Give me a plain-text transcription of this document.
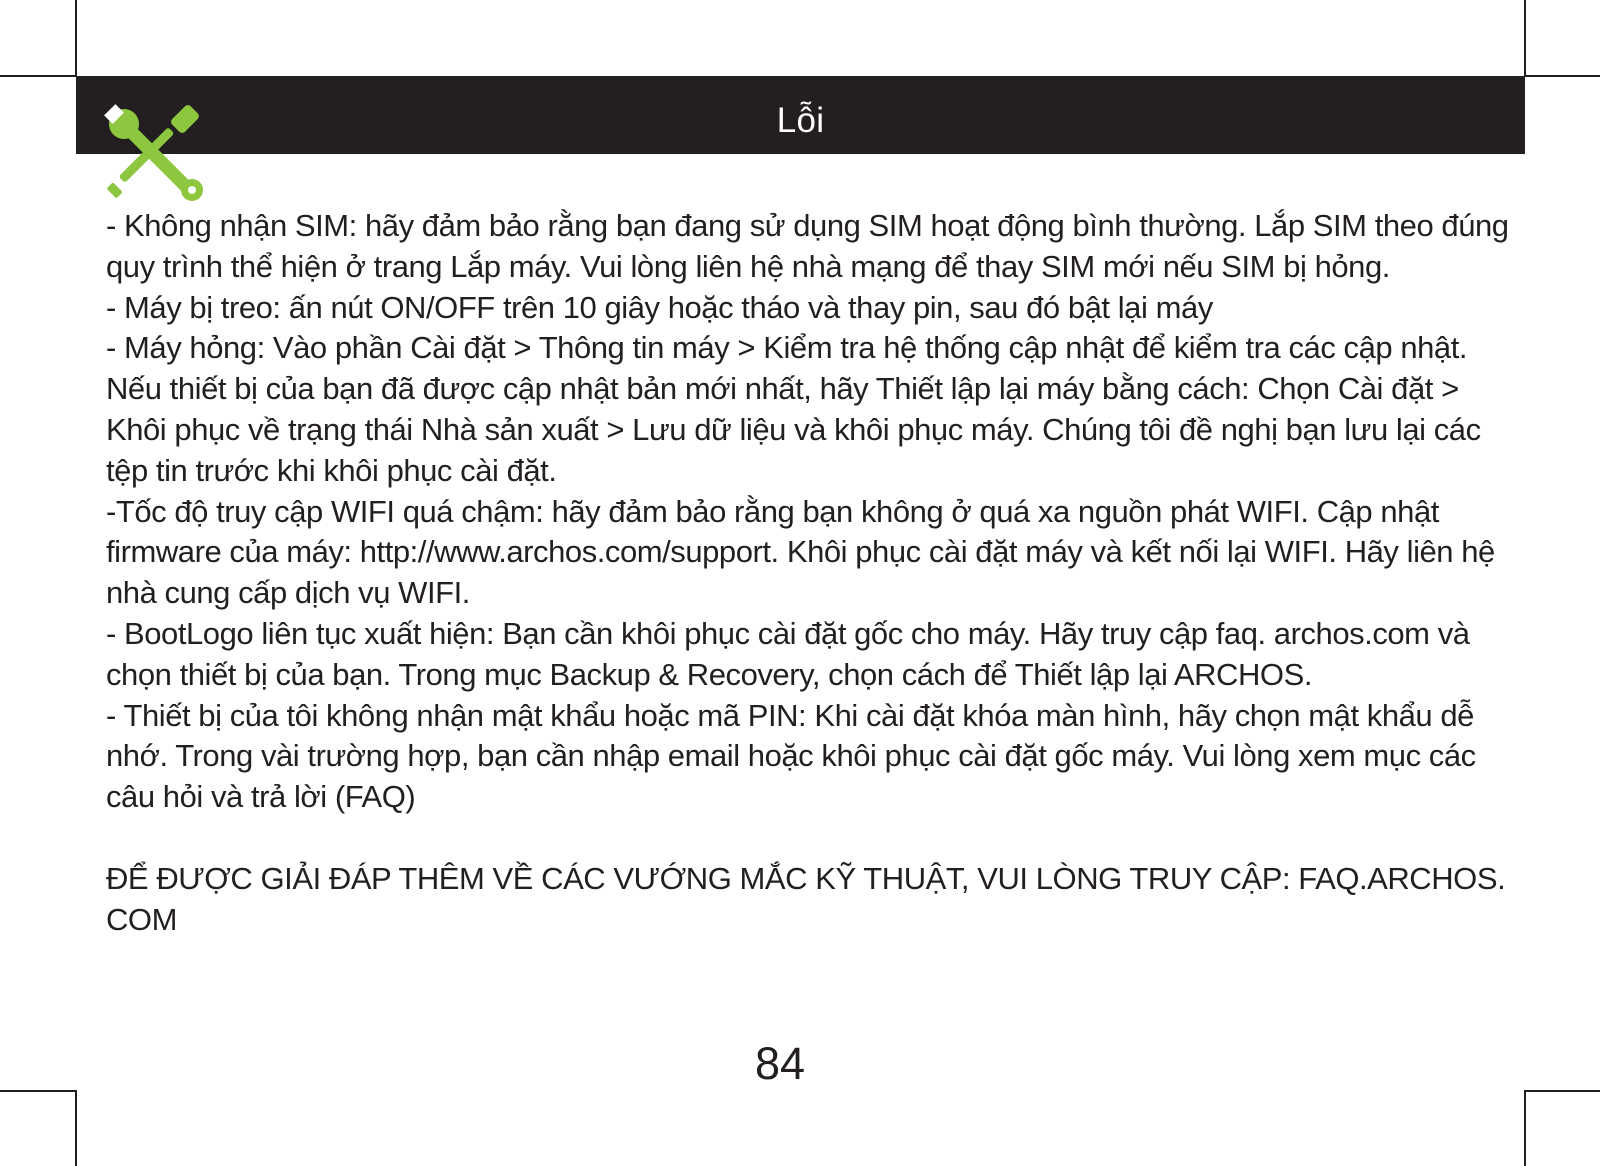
Lỗi

- Không nhận SIM: hãy đảm bảo rằng bạn đang sử dụng SIM hoạt động bình thường. Lắp SIM theo đúng quy trình thể hiện ở trang Lắp máy. Vui lòng liên hệ nhà mạng để thay SIM mới nếu SIM bị hỏng.

- Máy bị treo: ấn nút ON/OFF trên 10 giây hoặc tháo và thay pin, sau đó bật lại máy

- Máy hỏng: Vào phần Cài đặt > Thông tin máy > Kiểm tra hệ thống cập nhật để kiểm tra các cập nhật. Nếu thiết bị của bạn đã được cập nhật bản mới nhất, hãy Thiết lập lại máy bằng cách: Chọn Cài đặt > Khôi phục về trạng thái Nhà sản xuất > Lưu dữ liệu và khôi phục máy. Chúng tôi đề nghị bạn lưu lại các tệp tin trước khi khôi phục cài đặt.

-Tốc độ truy cập WIFI quá chậm: hãy đảm bảo rằng bạn không ở quá xa nguồn phát WIFI. Cập nhật firmware của máy: http://www.archos.com/support. Khôi phục cài đặt máy và kết nối lại WIFI. Hãy liên hệ nhà cung cấp dịch vụ WIFI.

- BootLogo liên tục xuất hiện: Bạn cần khôi phục cài đặt gốc cho máy. Hãy truy cập faq. archos.com và chọn thiết bị của bạn. Trong mục Backup & Recovery, chọn cách để Thiết lập lại ARCHOS.

- Thiết bị của tôi không nhận mật khẩu hoặc mã PIN: Khi cài đặt khóa màn hình, hãy chọn mật khẩu dễ nhớ. Trong vài trường hợp, bạn cần nhập email hoặc khôi phục cài đặt gốc máy. Vui lòng xem mục các câu hỏi và trả lời (FAQ)

ĐỂ ĐƯỢC GIẢI ĐÁP THÊM VỀ CÁC VƯỚNG MẮC KỸ THUẬT, VUI LÒNG TRUY CẬP: FAQ.ARCHOS. COM

84
